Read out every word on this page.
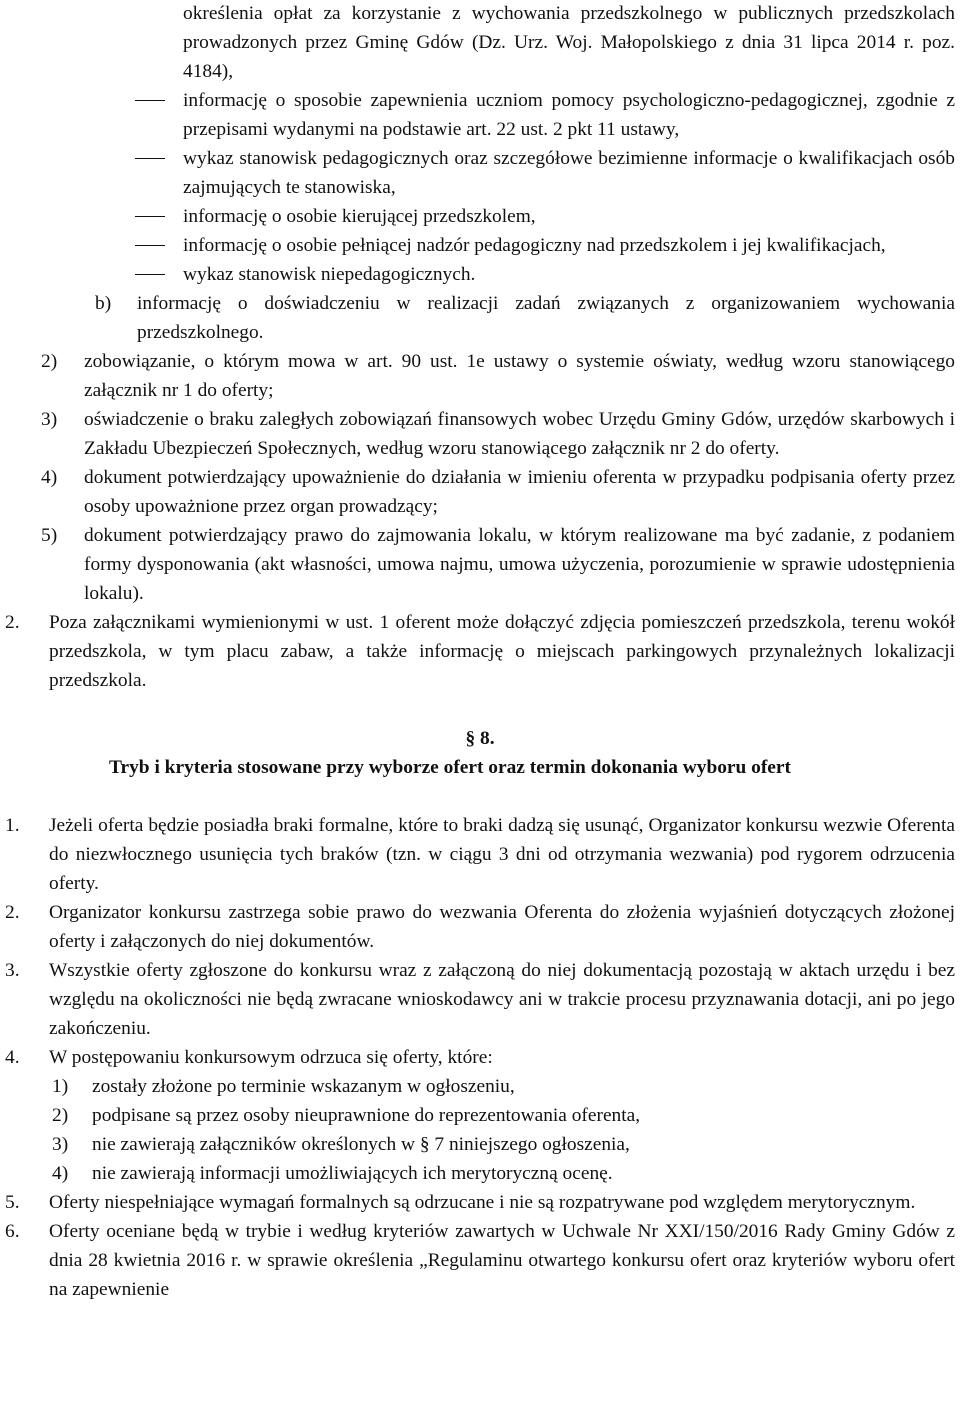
określenia opłat za korzystanie z wychowania przedszkolnego w publicznych przedszkolach prowadzonych przez Gminę Gdów (Dz. Urz. Woj. Małopolskiego z dnia 31 lipca 2014 r. poz. 4184),
informację o sposobie zapewnienia uczniom pomocy psychologiczno-pedagogicznej, zgodnie z przepisami wydanymi na podstawie art. 22 ust. 2 pkt 11 ustawy,
wykaz stanowisk pedagogicznych oraz szczegółowe bezimienne informacje o kwalifikacjach osób zajmujących te stanowiska,
informację o osobie kierującej przedszkolem,
informację o osobie pełniącej nadzór pedagogiczny nad przedszkolem i jej kwalifikacjach,
wykaz stanowisk niepedagogicznych.
b) informację o doświadczeniu w realizacji zadań związanych z organizowaniem wychowania przedszkolnego.
2) zobowiązanie, o którym mowa w art. 90 ust. 1e ustawy o systemie oświaty, według wzoru stanowiącego załącznik nr 1 do oferty;
3) oświadczenie o braku zaległych zobowiązań finansowych wobec Urzędu Gminy Gdów, urzędów skarbowych i Zakładu Ubezpieczeń Społecznych, według wzoru stanowiącego załącznik nr 2 do oferty.
4) dokument potwierdzający upoważnienie do działania w imieniu oferenta w przypadku podpisania oferty przez osoby upoważnione przez organ prowadzący;
5) dokument potwierdzający prawo do zajmowania lokalu, w którym realizowane ma być zadanie, z podaniem formy dysponowania (akt własności, umowa najmu, umowa użyczenia, porozumienie w sprawie udostępnienia lokalu).
2. Poza załącznikami wymienionymi w ust. 1 oferent może dołączyć zdjęcia pomieszczeń przedszkola, terenu wokół przedszkola, w tym placu zabaw, a także informację o miejscach parkingowych przynależnych lokalizacji przedszkola.
§ 8.
Tryb i kryteria stosowane przy wyborze ofert oraz termin dokonania wyboru ofert
1. Jeżeli oferta będzie posiadła braki formalne, które to braki dadzą się usunąć, Organizator konkursu wezwie Oferenta do niezwłocznego usunięcia tych braków (tzn. w ciągu 3 dni od otrzymania wezwania) pod rygorem odrzucenia oferty.
2. Organizator konkursu zastrzega sobie prawo do wezwania Oferenta do złożenia wyjaśnień dotyczących złożonej oferty i załączonych do niej dokumentów.
3. Wszystkie oferty zgłoszone do konkursu wraz z załączoną do niej dokumentacją pozostają w aktach urzędu i bez względu na okoliczności nie będą zwracane wnioskodawcy ani w trakcie procesu przyznawania dotacji, ani po jego zakończeniu.
4. W postępowaniu konkursowym odrzuca się oferty, które:
1) zostały złożone po terminie wskazanym w ogłoszeniu,
2) podpisane są przez osoby nieuprawnione do reprezentowania oferenta,
3) nie zawierają załączników określonych w § 7 niniejszego ogłoszenia,
4) nie zawierają informacji umożliwiających ich merytoryczną ocenę.
5. Oferty niespełniające wymagań formalnych są odrzucane i nie są rozpatrywane pod względem merytorycznym.
6. Oferty oceniane będą w trybie i według kryteriów zawartych w Uchwale Nr XXI/150/2016 Rady Gminy Gdów z dnia 28 kwietnia 2016 r. w sprawie określenia „Regulaminu otwartego konkursu ofert oraz kryteriów wyboru ofert na zapewnienie
